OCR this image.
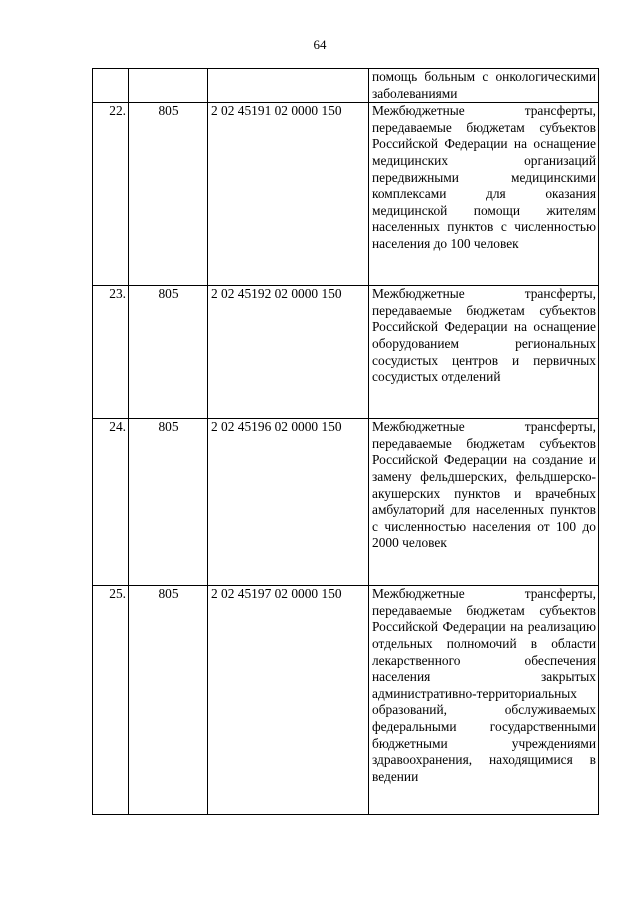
64
			помощь больным с онкологическими заболеваниями
22.	805	2 02 45191 02 0000 150	Межбюджетные трансферты, передаваемые бюджетам субъектов Российской Федерации на оснащение медицинских организаций передвижными медицинскими комплексами для оказания медицинской помощи жителям населенных пунктов с численностью населения до 100 человек
23.	805	2 02 45192 02 0000 150	Межбюджетные трансферты, передаваемые бюджетам субъектов Российской Федерации на оснащение оборудованием региональных сосудистых центров и первичных сосудистых отделений
24.	805	2 02 45196 02 0000 150	Межбюджетные трансферты, передаваемые бюджетам субъектов Российской Федерации на создание и замену фельдшерских, фельдшерско-акушерских пунктов и врачебных амбулаторий для населенных пунктов с численностью населения от 100 до 2000 человек
25.	805	2 02 45197 02 0000 150	Межбюджетные трансферты, передаваемые бюджетам субъектов Российской Федерации на реализацию отдельных полномочий в области лекарственного обеспечения населения закрытых административно-территориальных образований, обслуживаемых федеральными государственными бюджетными учреждениями здравоохранения, находящимися в ведении
